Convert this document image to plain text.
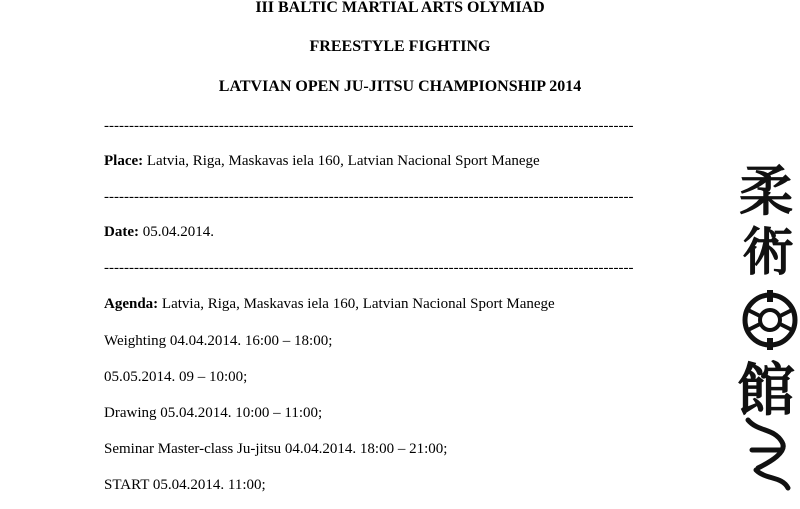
III BALTIC MARTIAL ARTS OLYMIAD
FREESTYLE FIGHTING
LATVIAN OPEN JU-JITSU CHAMPIONSHIP 2014
----------------------------------------------------------------------------------------------------------
Place: Latvia, Riga, Maskavas iela 160, Latvian Nacional Sport Manege
----------------------------------------------------------------------------------------------------------
Date: 05.04.2014.
----------------------------------------------------------------------------------------------------------
Agenda: Latvia, Riga, Maskavas iela 160, Latvian Nacional Sport Manege
Weighting 04.04.2014. 16:00 – 18:00;
05.05.2014. 09 – 10:00;
Drawing 05.04.2014. 10:00 – 11:00;
Seminar Master-class Ju-jitsu 04.04.2014. 18:00 – 21:00;
START 05.04.2014. 11:00;
柔
術
館
